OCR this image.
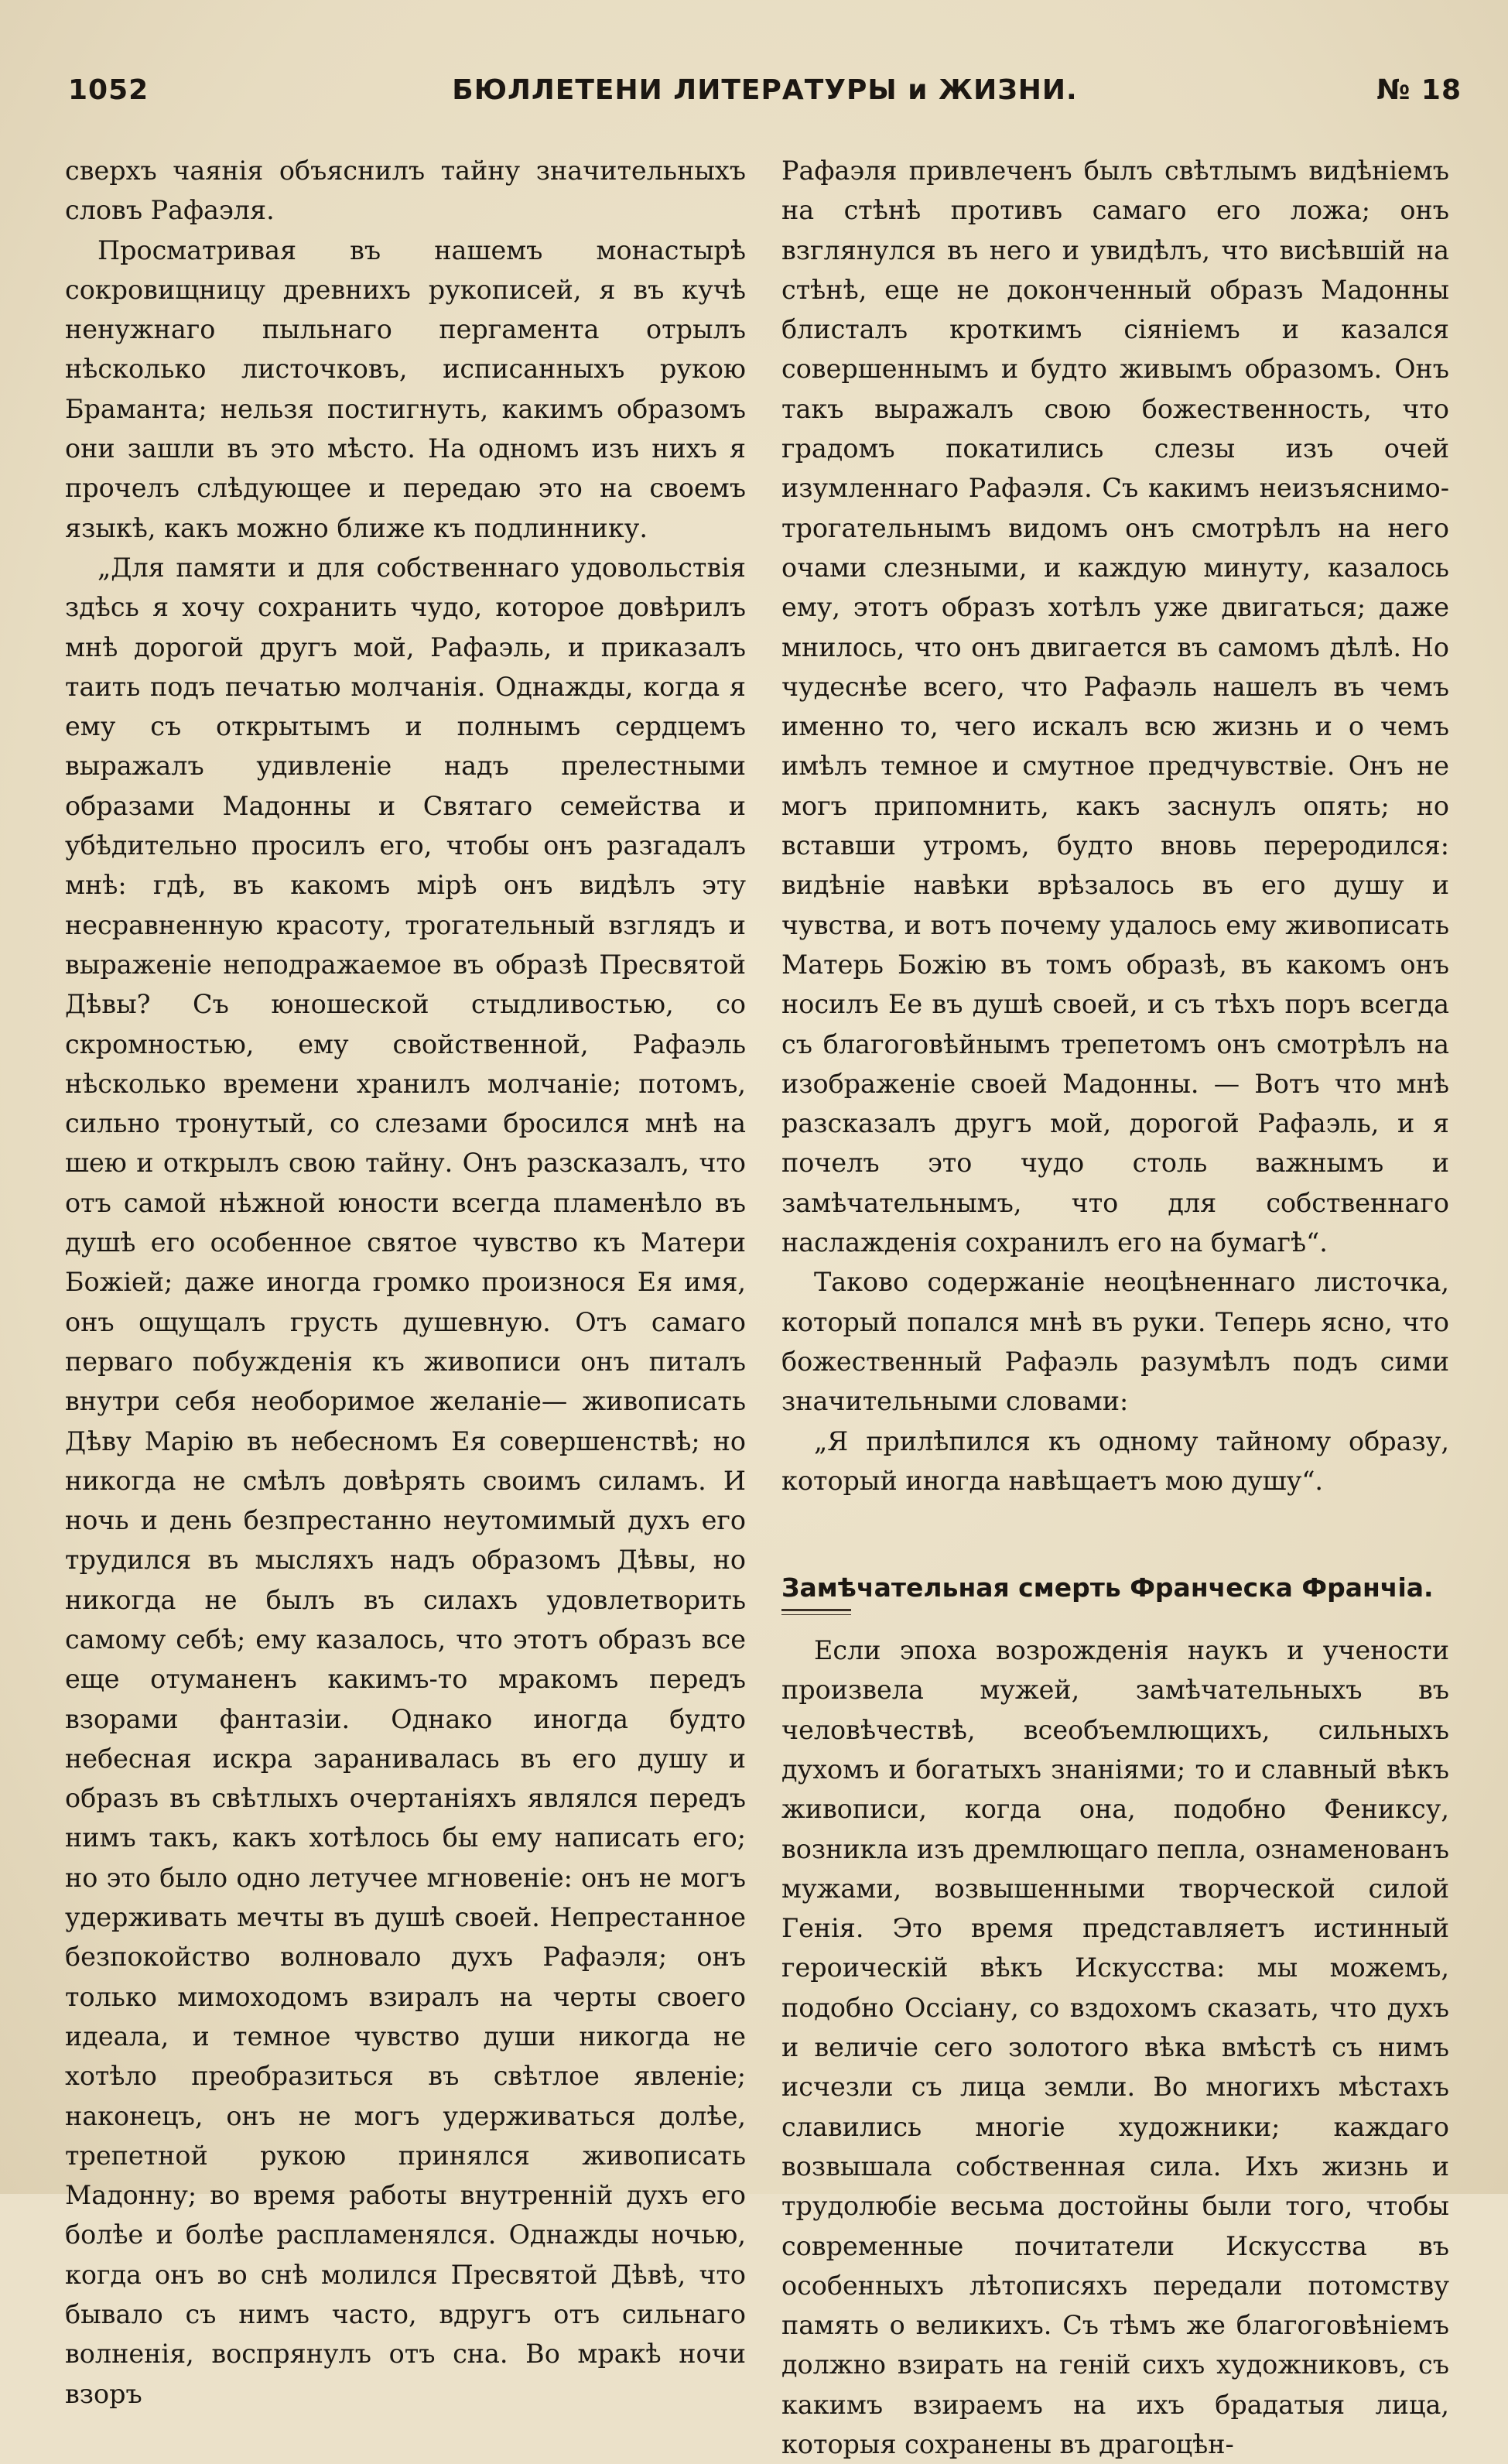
1052	БЮЛЛЕТЕНИ ЛИТЕРАТУРЫ и ЖИЗНИ.	№ 18

сверхъ чаянія объяснилъ тайну значительныхъ словъ Рафаэля.

Просматривая въ нашемъ монастырѣ сокровищницу древнихъ рукописей, я въ кучѣ ненужнаго пыльнаго пергамента отрылъ нѣсколько листочковъ, исписанныхъ рукою Браманта; нельзя постигнуть, какимъ образомъ они зашли въ это мѣсто. На одномъ изъ нихъ я прочелъ слѣдующее и передаю это на своемъ языкѣ, какъ можно ближе къ подлиннику.

„Для памяти и для собственнаго удовольствія здѣсь я хочу сохранить чудо, которое довѣрилъ мнѣ дорогой другъ мой, Рафаэль, и приказалъ таить подъ печатью молчанія. Однажды, когда я ему съ открытымъ и полнымъ сердцемъ выражалъ удивленіе надъ прелестными образами Мадонны и Святаго семейства и убѣдительно просилъ его, чтобы онъ разгадалъ мнѣ: гдѣ, въ какомъ мірѣ онъ видѣлъ эту несравненную красоту, трогательный взглядъ и выраженіе неподражаемое въ образѣ Пресвятой Дѣвы? Съ юношеской стыдливостью, со скромностью, ему свойственной, Рафаэль нѣсколько времени хранилъ молчаніе; потомъ, сильно тронутый, со слезами бросился мнѣ на шею и открылъ свою тайну. Онъ разсказалъ, что отъ самой нѣжной юности всегда пламенѣло въ душѣ его особенное святое чувство къ Матери Божіей; даже иногда громко произнося Ея имя, онъ ощущалъ грусть душевную. Отъ самаго перваго побужденія къ живописи онъ питалъ внутри себя необоримое желаніе— живописать Дѣву Марію въ небесномъ Ея совершенствѣ; но никогда не смѣлъ довѣрять своимъ силамъ. И ночь и день безпрестанно неутомимый духъ его трудился въ мысляхъ надъ образомъ Дѣвы, но никогда не былъ въ силахъ удовлетворить самому себѣ; ему казалось, что этотъ образъ все еще отуманенъ какимъ-то мракомъ передъ взорами фантазіи. Однако иногда будто небесная искра заранивалась въ его душу и образъ въ свѣтлыхъ очертаніяхъ являлся передъ нимъ такъ, какъ хотѣлось бы ему написать его; но это было одно летучее мгновеніе: онъ не могъ удерживать мечты въ душѣ своей. Непрестанное безпокойство волновало духъ Рафаэля; онъ только мимоходомъ взиралъ на черты своего идеала, и темное чувство души никогда не хотѣло преобразиться въ свѣтлое явленіе; наконецъ, онъ не могъ удерживаться долѣе, трепетной рукою принялся живописать Мадонну; во время работы внутренній духъ его болѣе и болѣе распламенялся. Однажды ночью, когда онъ во снѣ молился Пресвятой Дѣвѣ, что бывало съ нимъ часто, вдругъ отъ сильнаго волненія, воспрянулъ отъ сна. Во мракѣ ночи взоръ

Рафаэля привлеченъ былъ свѣтлымъ видѣніемъ на стѣнѣ противъ самаго его ложа; онъ взглянулся въ него и увидѣлъ, что висѣвшій на стѣнѣ, еще не доконченный образъ Мадонны блисталъ кроткимъ сіяніемъ и казался совершеннымъ и будто живымъ образомъ. Онъ такъ выражалъ свою божественность, что градомъ покатились слезы изъ очей изумленнаго Рафаэля. Съ какимъ неизъяснимо-трогательнымъ видомъ онъ смотрѣлъ на него очами слезными, и каждую минуту, казалось ему, этотъ образъ хотѣлъ уже двигаться; даже мнилось, что онъ двигается въ самомъ дѣлѣ. Но чудеснѣе всего, что Рафаэль нашелъ въ чемъ именно то, чего искалъ всю жизнь и о чемъ имѣлъ темное и смутное предчувствіе. Онъ не могъ припомнить, какъ заснулъ опять; но вставши утромъ, будто вновь переродился: видѣніе навѣки врѣзалось въ его душу и чувства, и вотъ почему удалось ему живописать Матерь Божію въ томъ образѣ, въ какомъ онъ носилъ Ее въ душѣ своей, и съ тѣхъ поръ всегда съ благоговѣйнымъ трепетомъ онъ смотрѣлъ на изображеніе своей Мадонны. — Вотъ что мнѣ разсказалъ другъ мой, дорогой Рафаэль, и я почелъ это чудо столь важнымъ и замѣчательнымъ, что для собственнаго наслажденія сохранилъ его на бумагѣ“.

Таково содержаніе неоцѣненнаго листочка, который попался мнѣ въ руки. Теперь ясно, что божественный Рафаэль разумѣлъ подъ сими значительными словами:

„Я прилѣпился къ одному тайному образу, который иногда навѣщаетъ мою душу“.

Замѣчательная смерть Франческа Франчіа.

Если эпоха возрожденія наукъ и учености произвела мужей, замѣчательныхъ въ человѣчествѣ, всеобъемлющихъ, сильныхъ духомъ и богатыхъ знаніями; то и славный вѣкъ живописи, когда она, подобно Фениксу, возникла изъ дремлющаго пепла, ознаменованъ мужами, возвышенными творческой силой Генія. Это время представляетъ истинный героическій вѣкъ Искусства: мы можемъ, подобно Оссіану, со вздохомъ сказать, что духъ и величіе сего золотого вѣка вмѣстѣ съ нимъ исчезли съ лица земли. Во многихъ мѣстахъ славились многіе художники; каждаго возвышала собственная сила. Ихъ жизнь и трудолюбіе весьма достойны были того, чтобы современные почитатели Искусства въ особенныхъ лѣтописяхъ передали потомству память о великихъ. Съ тѣмъ же благоговѣніемъ должно взирать на геній сихъ художниковъ, съ какимъ взираемъ на ихъ брадатыя лица, которыя сохранены въ драгоцѣн-
